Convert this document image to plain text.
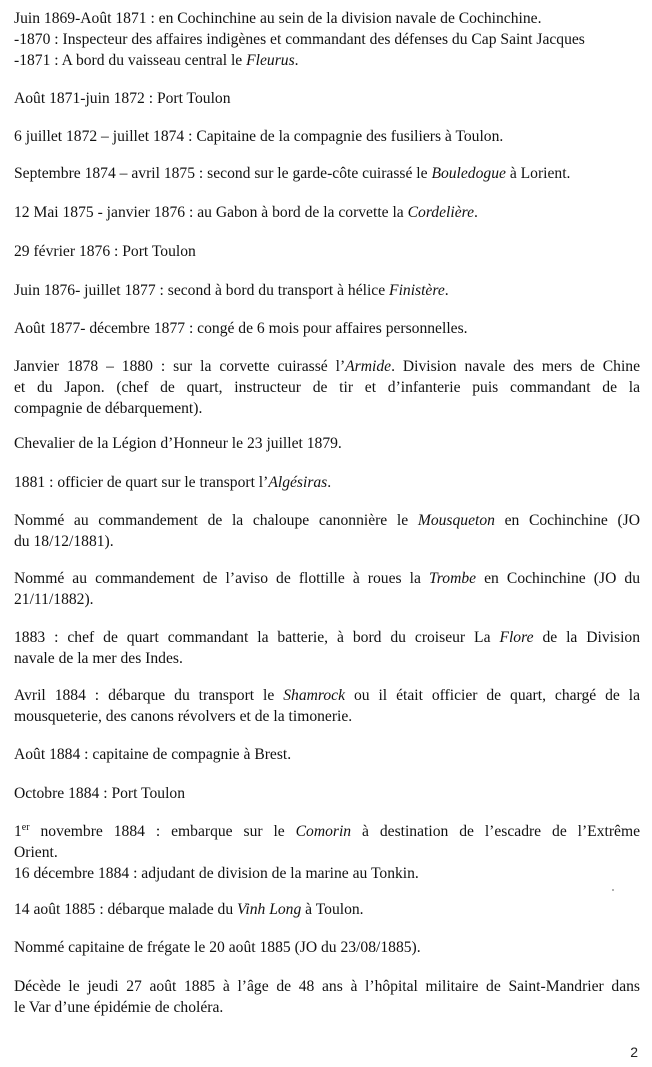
Juin 1869-Août 1871 : en Cochinchine au sein de la division navale de Cochinchine.
-1870 : Inspecteur des affaires indigènes et commandant des défenses du Cap Saint Jacques
-1871 : A bord du vaisseau central le Fleurus.
Août 1871-juin 1872 : Port Toulon
6 juillet 1872 – juillet 1874 : Capitaine de la compagnie des fusiliers à Toulon.
Septembre 1874 – avril 1875 : second sur le garde-côte cuirassé le Bouledogue à Lorient.
12 Mai 1875 - janvier 1876 : au Gabon à bord de la corvette la Cordelière.
29 février 1876 : Port Toulon
Juin 1876- juillet 1877 : second à bord du transport à hélice Finistère.
Août 1877- décembre 1877 : congé de 6 mois pour affaires personnelles.
Janvier 1878 – 1880 : sur la corvette cuirassé l’Armide. Division navale des mers de Chine
et du Japon. (chef de quart, instructeur de tir et d’infanterie puis commandant de la
compagnie de débarquement).
Chevalier de la Légion d’Honneur le 23 juillet 1879.
1881 : officier de quart sur le transport l’Algésiras.
Nommé au commandement de la chaloupe canonnière le Mousqueton en Cochinchine (JO
du 18/12/1881).
Nommé au commandement de l’aviso de flottille à roues la Trombe en Cochinchine (JO du
21/11/1882).
1883 : chef de quart commandant la batterie, à bord du croiseur La Flore de la Division
navale de la mer des Indes.
Avril 1884 : débarque du transport le Shamrock ou il était officier de quart, chargé de la
mousqueterie, des canons révolvers et de la timonerie.
Août 1884 : capitaine de compagnie à Brest.
Octobre 1884 : Port Toulon
1er novembre 1884 : embarque sur le Comorin à destination de l’escadre de l’Extrême
Orient.
16 décembre 1884 : adjudant de division de la marine au Tonkin.
14 août 1885 : débarque malade du Vinh Long à Toulon.
Nommé capitaine de frégate le 20 août 1885 (JO du 23/08/1885).
Décède le jeudi 27 août 1885 à l’âge de 48 ans à l’hôpital militaire de Saint-Mandrier dans
le Var d’une épidémie de choléra.
2
